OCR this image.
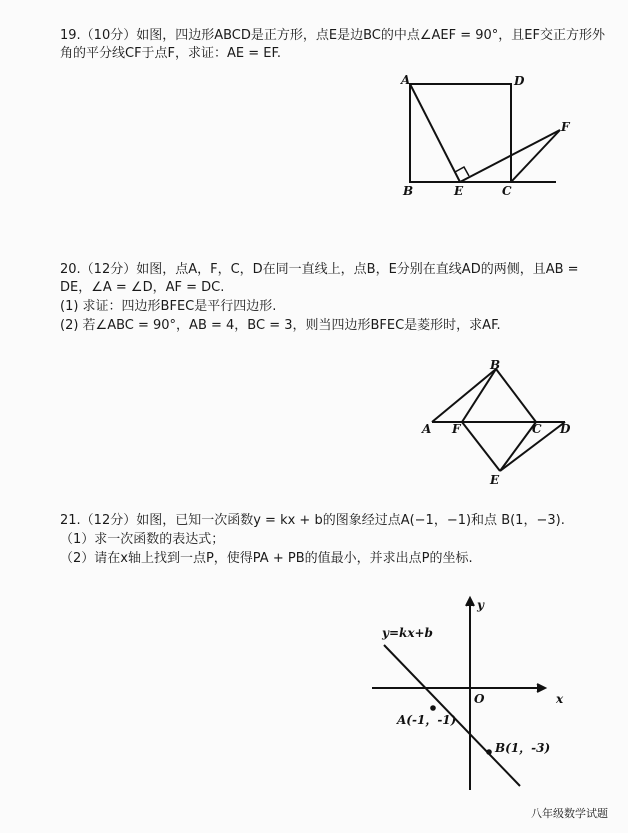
19.（10分）如图，四边形ABCD是正方形，点E是边BC的中点∠AEF = 90°，且EF交正方形外
角的平分线CF于点F，求证：AE = EF.
A	D
F
B	E	C
20.（12分）如图，点A，F，C，D在同一直线上，点B，E分别在直线AD的两侧，且AB =
DE，∠A = ∠D，AF = DC.
(1) 求证：四边形BFEC是平行四边形.
(2) 若∠ABC = 90°，AB = 4，BC = 3，则当四边形BFEC是菱形时，求AF.
B
A F	C D
E
21.（12分）如图，已知一次函数y = kx + b的图象经过点A(−1，−1)和点 B(1，−3).
（1）求一次函数的表达式；
（2）请在x轴上找到一点P，使得PA + PB的值最小，并求出点P的坐标.
y
x
O
y=kx+b
A(-1，-1)
B(1，-3)
八年级数学试题
